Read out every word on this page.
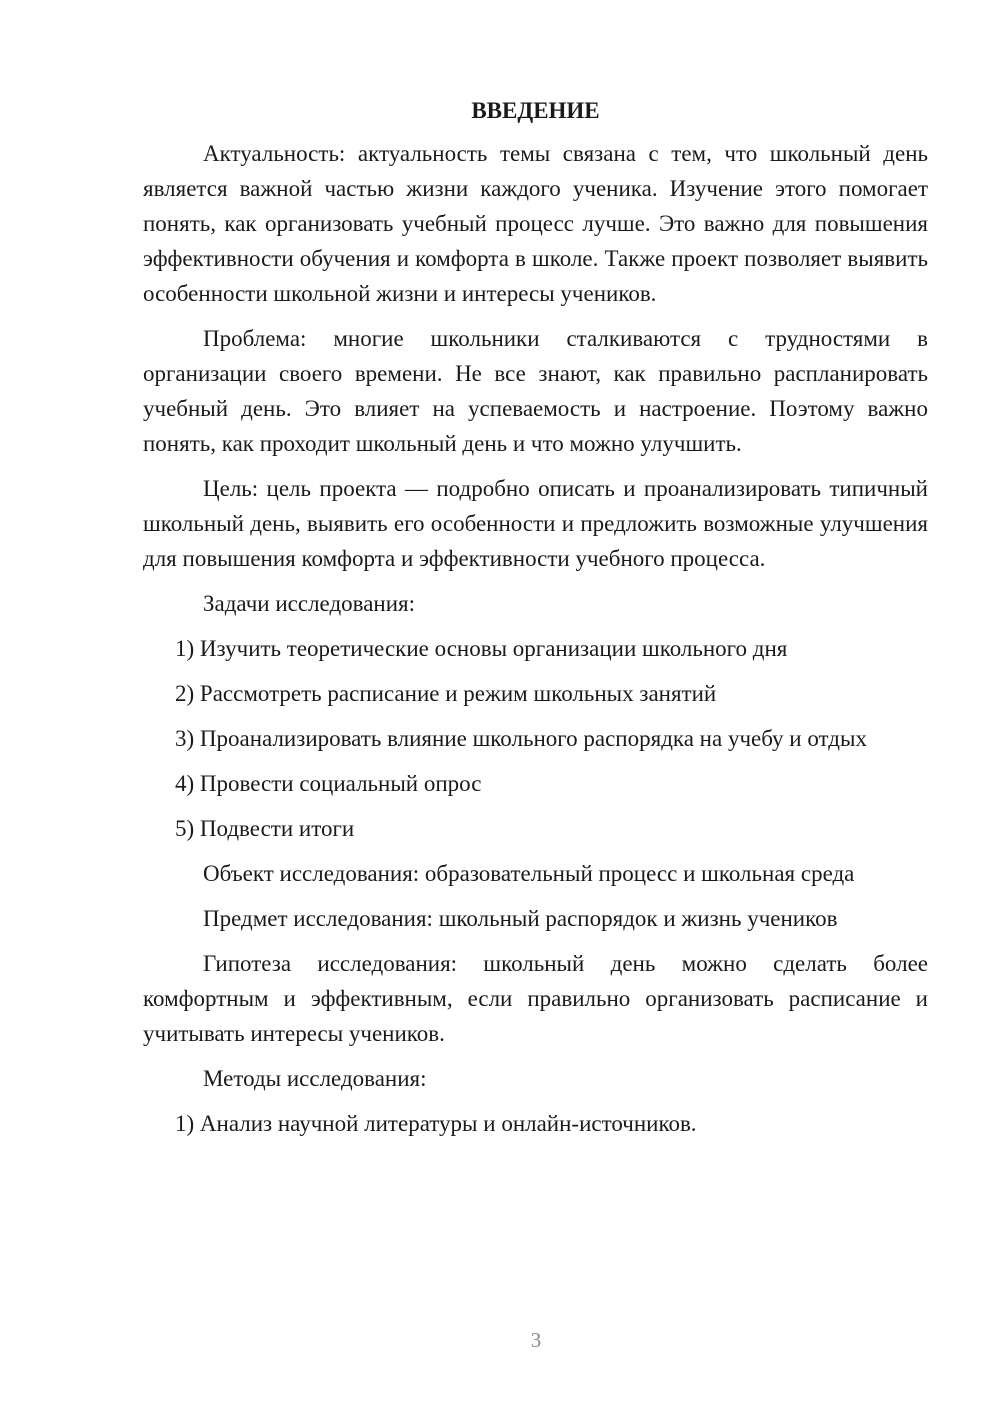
ВВЕДЕНИЕ

Актуальность: актуальность темы связана с тем, что школьный день является важной частью жизни каждого ученика. Изучение этого помогает понять, как организовать учебный процесс лучше. Это важно для повышения эффективности обучения и комфорта в школе. Также проект позволяет выявить особенности школьной жизни и интересы учеников.

Проблема: многие школьники сталкиваются с трудностями в организации своего времени. Не все знают, как правильно распланировать учебный день. Это влияет на успеваемость и настроение. Поэтому важно понять, как проходит школьный день и что можно улучшить.

Цель: цель проекта — подробно описать и проанализировать типичный школьный день, выявить его особенности и предложить возможные улучшения для повышения комфорта и эффективности учебного процесса.

Задачи исследования:

1) Изучить теоретические основы организации школьного дня

2) Рассмотреть расписание и режим школьных занятий

3) Проанализировать влияние школьного распорядка на учебу и отдых

4) Провести социальный опрос

5) Подвести итоги

Объект исследования: образовательный процесс и школьная среда

Предмет исследования: школьный распорядок и жизнь учеников

Гипотеза исследования: школьный день можно сделать более комфортным и эффективным, если правильно организовать расписание и учитывать интересы учеников.

Методы исследования:

1) Анализ научной литературы и онлайн-источников.

3
